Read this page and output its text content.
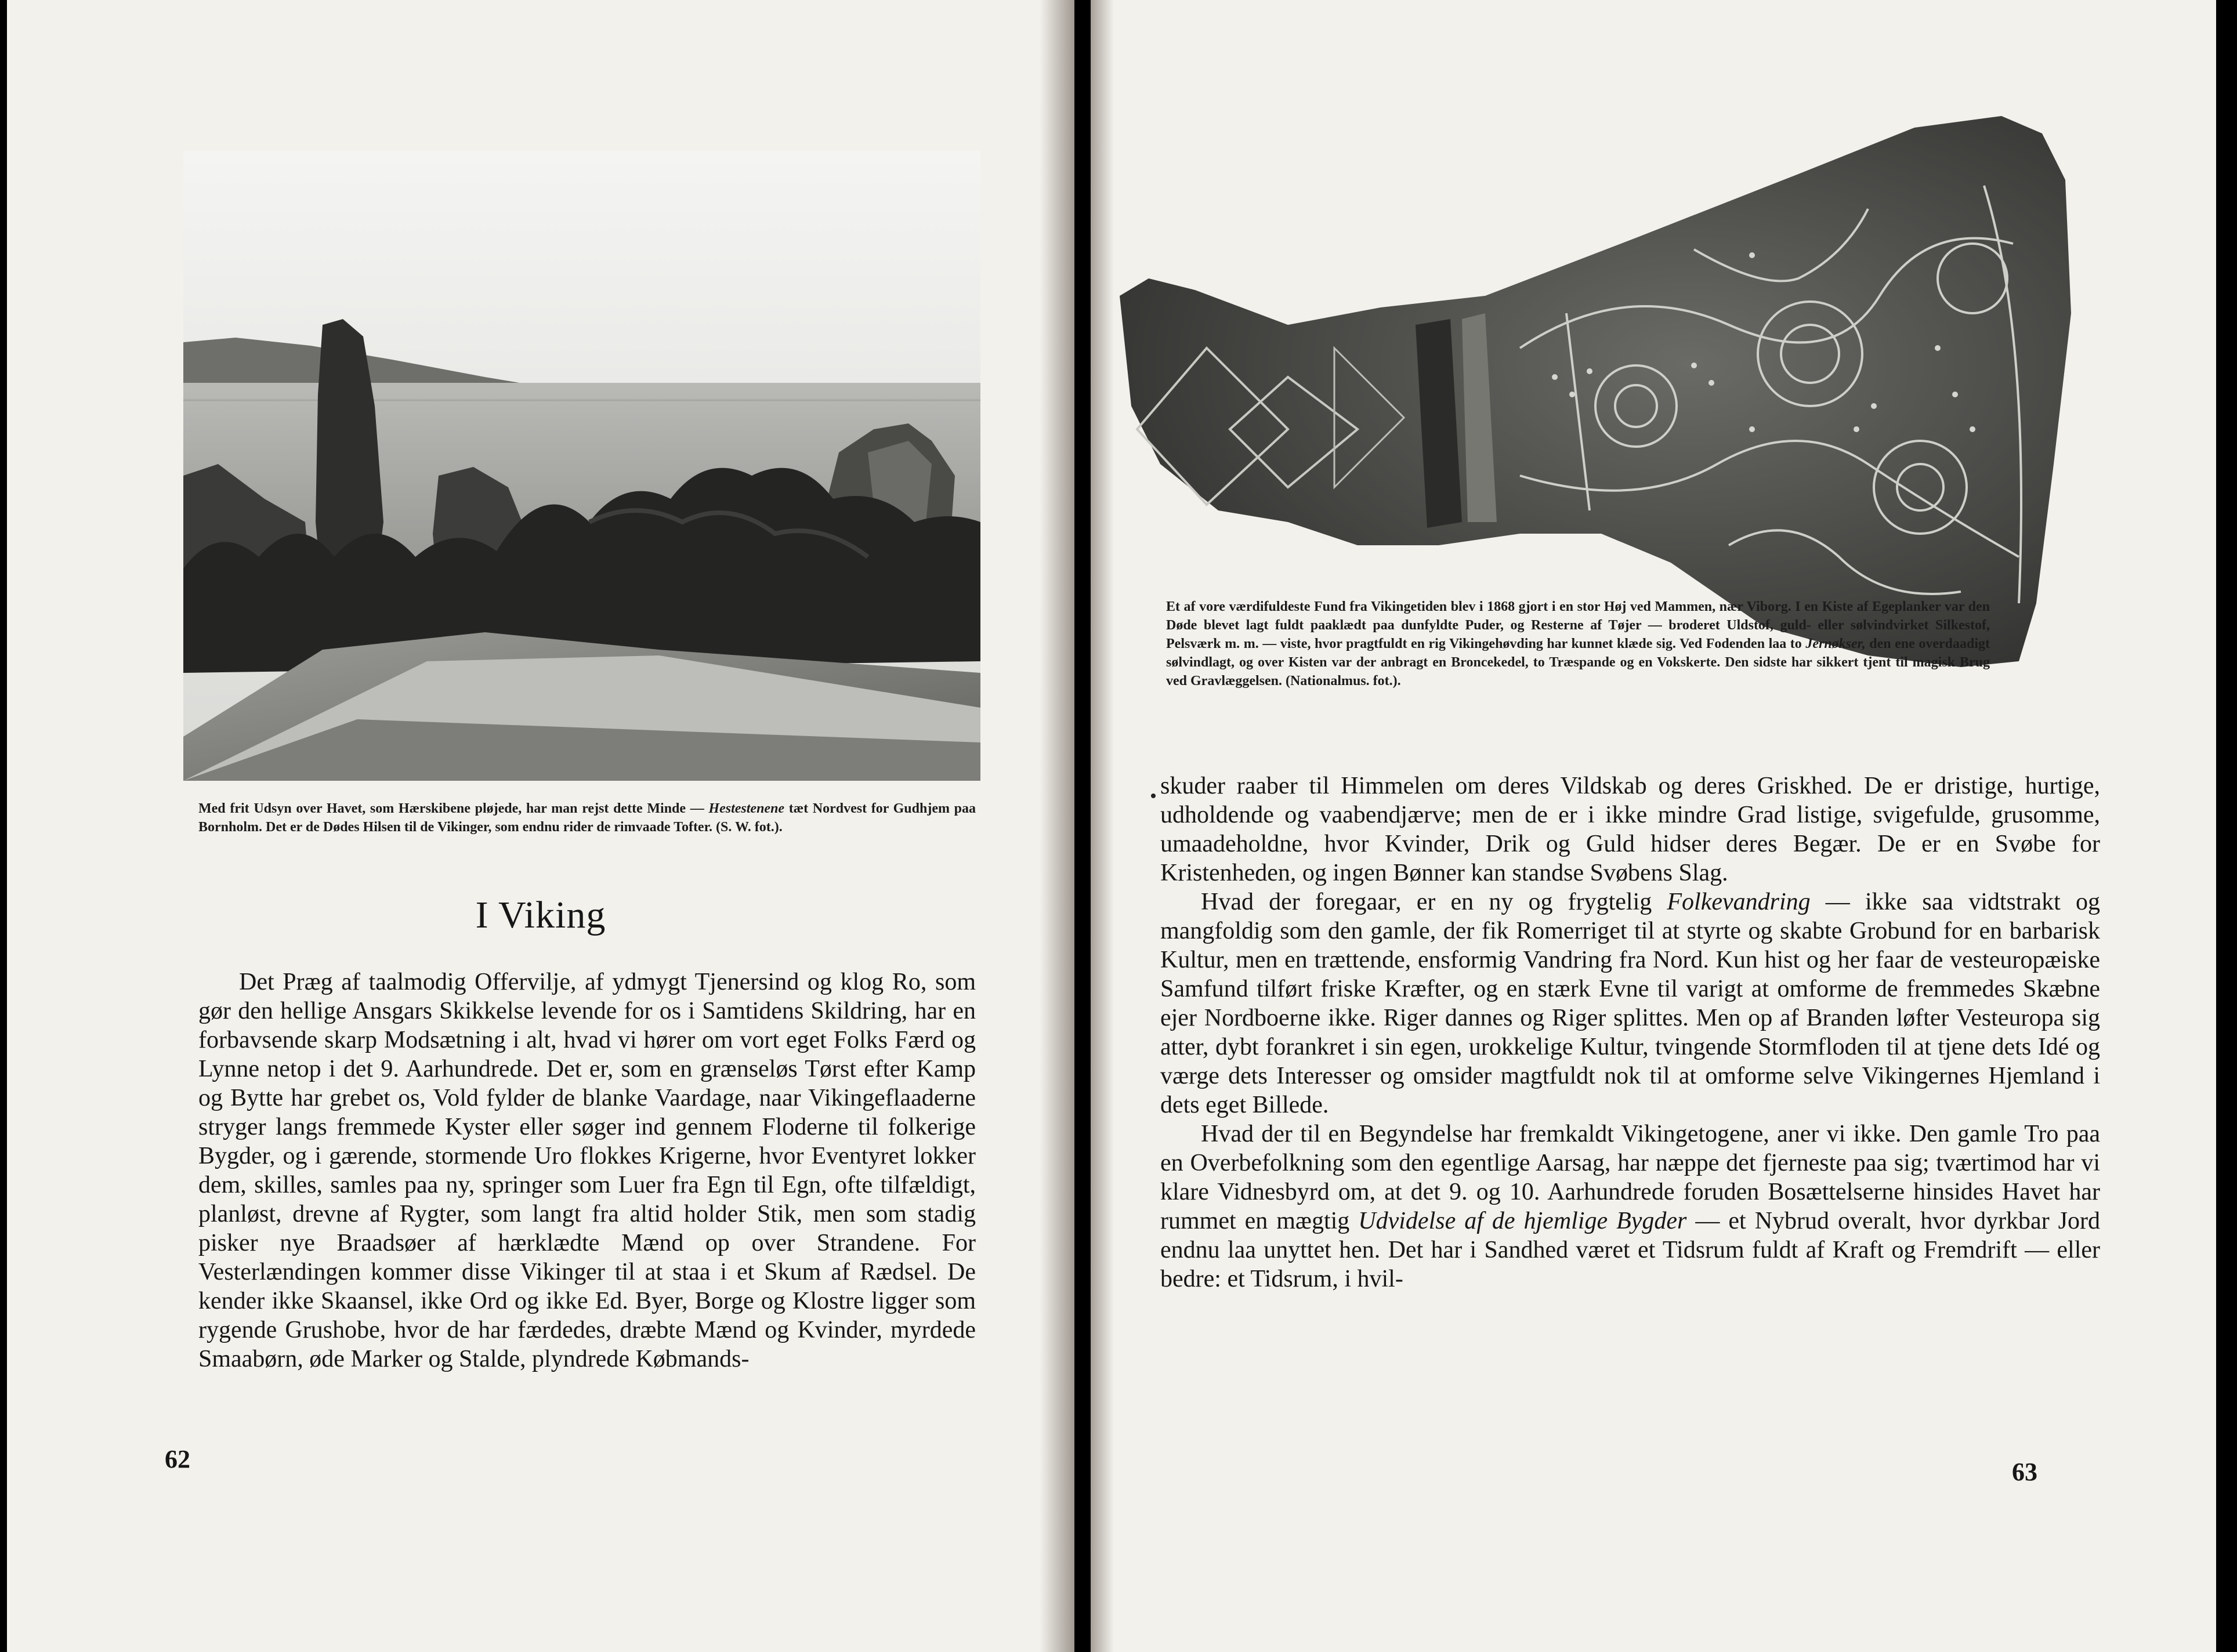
Med frit Udsyn over Havet, som Hærskibene pløjede, har man rejst dette Minde — Hestestenene tæt Nordvest for Gudhjem paa Bornholm. Det er de Dødes Hilsen til de Vikinger, som endnu rider de rimvaade Tofter. (S. W. fot.).
I Viking

Det Præg af taalmodig Offervilje, af ydmygt Tjenersind og klog Ro, som gør den hellige Ansgars Skikkelse levende for os i Samtidens Skildring, har en forbavsende skarp Modsætning i alt, hvad vi hører om vort eget Folks Færd og Lynne netop i det 9. Aarhundrede. Det er, som en grænseløs Tørst efter Kamp og Bytte har grebet os, Vold fylder de blanke Vaardage, naar Vikingeflaaderne stryger langs fremmede Kyster eller søger ind gennem Floderne til folkerige Bygder, og i gærende, stormende Uro flokkes Krigerne, hvor Eventyret lokker dem, skilles, samles paa ny, springer som Luer fra Egn til Egn, ofte tilfældigt, planløst, drevne af Rygter, som langt fra altid holder Stik, men som stadig pisker nye Braadsøer af hærklædte Mænd op over Strandene. For Vesterlændingen kommer disse Vikinger til at staa i et Skum af Rædsel. De kender ikke Skaansel, ikke Ord og ikke Ed. Byer, Borge og Klostre ligger som rygende Grushobe, hvor de har færdedes, dræbte Mænd og Kvinder, myrdede Smaabørn, øde Marker og Stalde, plyndrede Købmands-

62
Et af vore værdifuldeste Fund fra Vikingetiden blev i 1868 gjort i en stor Høj ved Mammen, nær Viborg. I en Kiste af Egeplanker var den Døde blevet lagt fuldt paaklædt paa dunfyldte Puder, og Resterne af Tøjer — broderet Uldstof, guld- eller sølvindvirket Silkestof, Pelsværk m. m. — viste, hvor pragtfuldt en rig Vikingehøvding har kunnet klæde sig. Ved Fodenden laa to Jernøkser, den ene overdaadigt sølvindlagt, og over Kisten var der anbragt en Broncekedel, to Træspande og en Vokskerte. Den sidste har sikkert tjent til magisk Brug ved Gravlæggelsen. (Nationalmus. fot.).

skuder raaber til Himmelen om deres Vildskab og deres Griskhed. De er dristige, hurtige, udholdende og vaabendjærve; men de er i ikke mindre Grad listige, svigefulde, grusomme, umaadeholdne, hvor Kvinder, Drik og Guld hidser deres Begær. De er en Svøbe for Kristenheden, og ingen Bønner kan standse Svøbens Slag.

Hvad der foregaar, er en ny og frygtelig Folkevandring — ikke saa vidtstrakt og mangfoldig som den gamle, der fik Romerriget til at styrte og skabte Grobund for en barbarisk Kultur, men en trættende, ensformig Vandring fra Nord. Kun hist og her faar de vesteuropæiske Samfund tilført friske Kræfter, og en stærk Evne til varigt at omforme de fremmedes Skæbne ejer Nordboerne ikke. Riger dannes og Riger splittes. Men op af Branden løfter Vesteuropa sig atter, dybt forankret i sin egen, urokkelige Kultur, tvingende Stormfloden til at tjene dets Idé og værge dets Interesser og omsider magtfuldt nok til at omforme selve Vikingernes Hjemland i dets eget Billede.

Hvad der til en Begyndelse har fremkaldt Vikingetogene, aner vi ikke. Den gamle Tro paa en Overbefolkning som den egentlige Aarsag, har næppe det fjerneste paa sig; tværtimod har vi klare Vidnesbyrd om, at det 9. og 10. Aarhundrede foruden Bosættelserne hinsides Havet har rummet en mægtig Udvidelse af de hjemlige Bygder — et Nybrud overalt, hvor dyrkbar Jord endnu laa unyttet hen. Det har i Sandhed været et Tidsrum fuldt af Kraft og Fremdrift — eller bedre: et Tidsrum, i hvil-

63
